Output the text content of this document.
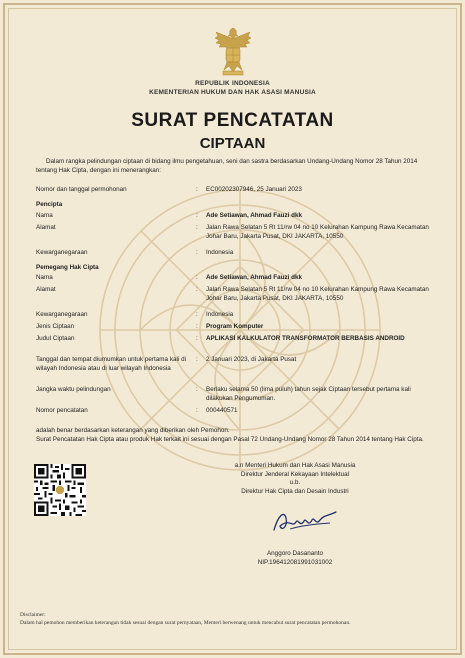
REPUBLIK INDONESIA
KEMENTERIAN HUKUM DAN HAK ASASI MANUSIA
SURAT PENCATATAN
CIPTAAN
Dalam rangka pelindungan ciptaan di bidang ilmu pengetahuan, seni dan sastra berdasarkan Undang-Undang Nomor 28 Tahun 2014 tentang Hak Cipta, dengan ini menerangkan:
Nomor dan tanggal permohonan	:	EC00202307946, 25 Januari 2023
Pencipta
Nama	:	Ade Setiawan, Ahmad Fauzi dkk
Alamat	:	Jalan Rawa Selatan 5 Rt 11/rw 04 no 10 Kelurahan Kampung Rawa Kecamatan Johar Baru, Jakarta Pusat, DKI JAKARTA, 10550
Kewarganegaraan	:	Indonesia
Pemegang Hak Cipta
Nama	:	Ade Setiawan, Ahmad Fauzi dkk
Alamat	:	Jalan Rawa Selatan 5 Rt 11/rw 04 no 10 Kelurahan Kampung Rawa Kecamatan Johar Baru, Jakarta Pusat, DKI JAKARTA, 10550
Kewarganegaraan	:	Indonesia
Jenis Ciptaan	:	Program Komputer
Judul Ciptaan	:	APLIKASI KALKULATOR TRANSFORMATOR BERBASIS ANDROID
Tanggal dan tempat diumumkan untuk pertama kali di wilayah Indonesia atau di luar wilayah Indonesia
:	2 Januari 2023, di Jakarta Pusat
Jangka waktu pelindungan	:	Berlaku selama 50 (lima puluh) tahun sejak Ciptaan tersebut pertama kali dilakukan Pengumuman.
Nomor pencatatan	:	000440571
adalah benar berdasarkan keterangan yang diberikan oleh Pemohon.
Surat Pencatatan Hak Cipta atau produk Hak terkait ini sesuai dengan Pasal 72 Undang-Undang Nomor 28 Tahun 2014 tentang Hak Cipta.
a.n Menteri Hukum dan Hak Asasi Manusia
Direktur Jenderal Kekayaan Intelektual
u.b.
Direktur Hak Cipta dan Desain Industri
Anggoro Dasananto
NIP.196412081991031002
Disclaimer:
Dalam hal pemohon memberikan keterangan tidak sesuai dengan surat pernyataan, Menteri berwenang untuk mencabut surat pencatatan permohonan.
